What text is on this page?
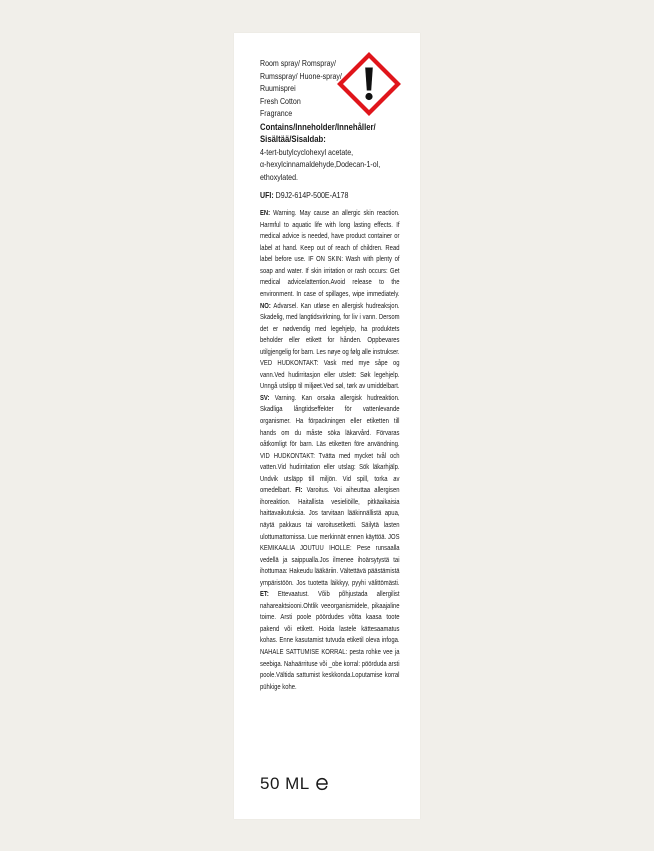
Room spray/ Romspray/
Rumsspray/ Huone-spray/
Ruumisprei
Fresh Cotton
Fragrance
Contains/Inneholder/Innehåller/
Sisältää/Sisaldab:
4-tert-butylcyclohexyl acetate,
α-hexylcinnamaldehyde,Dodecan-1-ol,
ethoxylated.
UFI: D9J2-614P-500E-A178
EN: Warning. May cause an allergic skin reaction. Harmful to aquatic life with long lasting effects. If medical advice is needed, have product container or label at hand. Keep out of reach of children. Read label before use. IF ON SKIN: Wash with plenty of soap and water. If skin irritation or rash occurs: Get medical advice/attention.Avoid release to the environment. In case of spillages, wipe immediately. NO: Advarsel. Kan utløse en allergisk hudreaksjon. Skadelig, med langtidsvirkning, for liv i vann. Dersom det er nødvendig med legehjelp, ha produktets beholder eller etikett for hånden. Oppbevares utilgjengelig for barn. Les nøye og følg alle instrukser. VED HUDKONTAKT: Vask med mye såpe og vann.Ved hudirritasjon eller utslett: Søk legehjelp. Unngå utslipp til miljøet.Ved søl, tørk av umiddelbart. SV: Varning. Kan orsaka allergisk hudreaktion. Skadliga långtidseffekter för vattenlevande organismer. Ha förpackningen eller etiketten till hands om du måste söka läkarvård. Förvaras oåtkomligt för barn. Läs etiketten före användning. VID HUDKONTAKT: Tvätta med mycket tvål och vatten.Vid hudirritation eller utslag: Sök läkarhjälp. Undvik utsläpp till miljön. Vid spill, torka av omedelbart. FI: Varoitus. Voi aiheuttaa allergisen ihoreaktion. Haitallista vesieliöille, pitkäaikaisia haittavaikutuksia. Jos tarvitaan lääkinnällistä apua, näytä pakkaus tai varoitusetiketti. Säilytä lasten ulottumattomissa. Lue merkinnät ennen käyttöä. JOS KEMIKAALIA JOUTUU IHOLLE: Pese runsaalla vedellä ja saippualla.Jos ilmenee ihoärsytystä tai ihottumaa: Hakeudu lääkäriin. Vältettävä päästämistä ympäristöön. Jos tuotetta läikkyy, pyyhi välittömästi. ET: Ettevaatust. Võib põhjustada allergilist nahareaktsiooni.Ohtlik veeorganismidele, pikaajaline toime. Arsti poole pöördudes võtta kaasa toote pakend või etikett. Hoida lastele kättesaamatus kohas. Enne kasutamist tutvuda etiketil oleva infoga. NAHALE SATTUMISE KORRAL: pesta rohke vee ja seebiga. Nahaärrituse või _obe korral: pöörduda arsti poole.Vältida sattumist keskkonda.Loputamise korral pühkige kohe.
50 ML
